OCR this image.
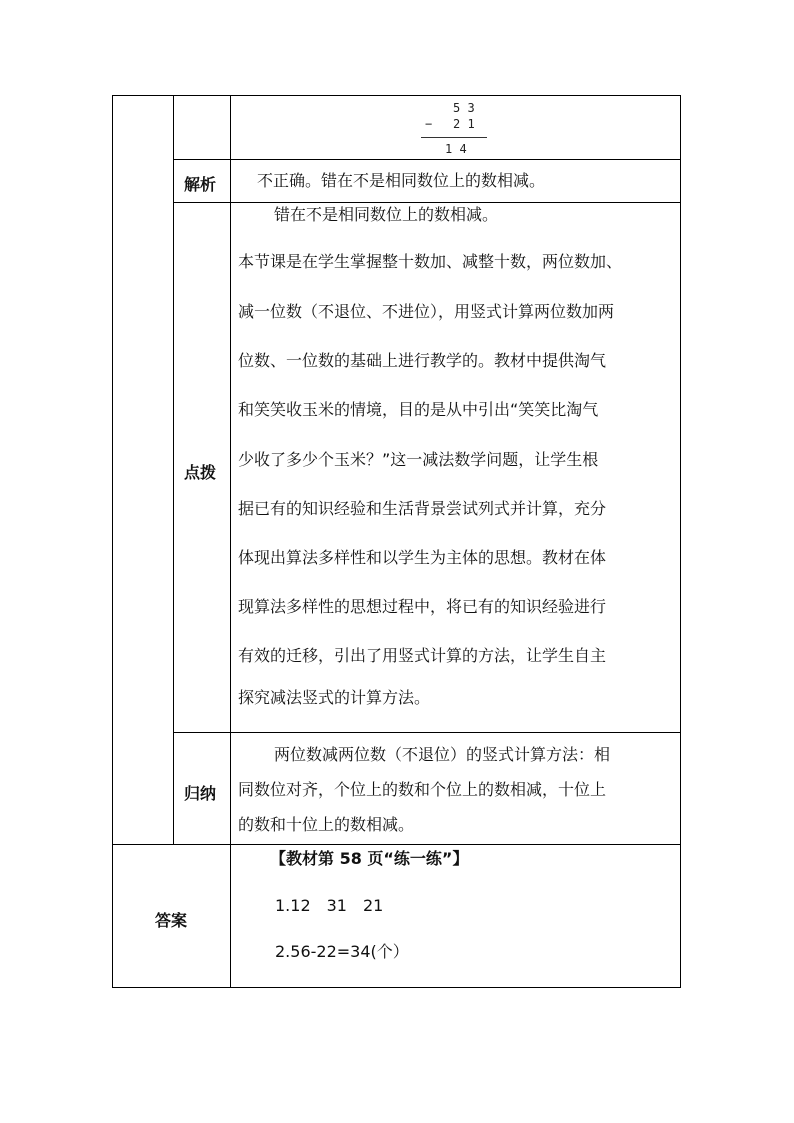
5 3
− 2 1
1 4
解析	不正确。错在不是相同数位上的数相减。
点拨
错在不是相同数位上的数相减。
本节课是在学生掌握整十数加、减整十数，两位数加、
减一位数（不退位、不进位），用竖式计算两位数加两
位数、一位数的基础上进行教学的。教材中提供淘气
和笑笑收玉米的情境，目的是从中引出“笑笑比淘气
少收了多少个玉米？”这一减法数学问题，让学生根
据已有的知识经验和生活背景尝试列式并计算，充分
体现出算法多样性和以学生为主体的思想。教材在体
现算法多样性的思想过程中，将已有的知识经验进行
有效的迁移，引出了用竖式计算的方法，让学生自主
探究减法竖式的计算方法。
归纳
两位数减两位数（不退位）的竖式计算方法：相
同数位对齐，个位上的数和个位上的数相减，十位上
的数和十位上的数相减。
答案
【教材第 58 页“练一练”】
1.12　31　21
2.56-22=34(个）
